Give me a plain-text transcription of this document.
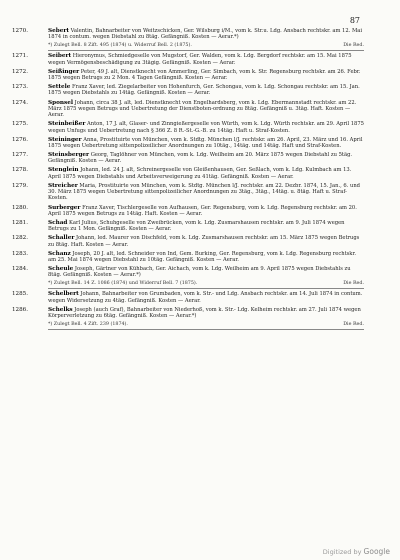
87
1270.	Sebert Valentin, Bahnarbeiter von Weitzschicken, Ger. Wilsburg i/M., vom k. Str.u. Ldg. Ansbach rechtskr. am 12. Mai 1874 in contum. wegen Diebstahl zu 8täg. Gefängniß. Kosten — Aerar.*)
*) Zulegt Bell. 8 Zift. 495 (1874) u. Widerruf Bell. 2 (1875).	Die Red.
1271.	Seibert Hieronymus, Schmiedgeselle von Mugstorf, Ger. Walden, vom k. Ldg. Bergdorf rechtskr. am 15. Mai 1875 wegen Vermögensbeschädigung zu 3tägig. Gefängniß. Kosten — Aerar.
1272.	Seißinger Peter, 49 J. alt, Dienstknecht von Ammerling, Ger. Simbach, vom k. Str. Regensburg rechtskr. am 26. Febr. 1875 wegen Betrugs zu 2 Mon. 4 Tagen Gefängniß. Kosten — Aerar.
1273.	Settele Franz Xaver, led. Ziegelarbeiter von Hohenfurch, Ger. Schongau, vom k. Ldg. Schongau rechtskr. am 15. Jan. 1875 wegen Diebstahls zu 14täg. Gefängniß. Kosten — Aerar.
1274.	Sponsel Johann, circa 38 J. alt, led. Dienstknecht von Engelhardsberg, vom k. Ldg. Ebermannstadt rechtskr. am 22. März 1875 wegen Betrugs und Uebertretung der Dienstboten-ordnung zu 8täg. Gefängniß u. 3täg. Haft. Kosten — Aerar.
1275.	Steinbeißer Anton, 17 J. alt, Glaser- und Zinngießergeselle von Würth, vom k. Ldg. Würth rechtskr. am 29. April 1875 wegen Unfugs und Uebertretung nach § 366 Z. 8 R.-St.-G.-B. zu 14täg. Haft u. Straf-Kosten.
1276.	Steininger Anna, Prostituirte von München, vom k. Stdtg. München l/J. rechtskr. am 26. April, 23. März und 16. April 1875 wegen Uebertretung sittenpolizeilicher Anordnungen zu 10täg., 14täg. und 14täg. Haft und Straf-Kosten.
1277.	Steinsberger Georg, Taglöhner von München, vom k. Ldg. Weilheim am 20. März 1875 wegen Diebstahl zu 5täg. Gefängniß. Kosten — Aerar.
1278.	Stenglein Johann, led. 24 J. alt, Schreinergeselle von Gleißenhausen, Ger. Seßlach, vom k. Ldg. Kulmbach am 13. April 1875 wegen Diebstahls und Arbeitsverweigerung zu 41täg. Gefängniß. Kosten — Aerar.
1279.	Streicher Maria, Prostituirte von München, vom k. Stdtg. München l/J. rechtskr. am 22. Dezbr. 1874, 15. Jan., 6. und 30. März 1875 wegen Uebertretung sittenpolizeilicher Anordnungen zu 3täg., 3täg., 14täg. u. 8täg. Haft u. Straf-Kosten.
1280.	Surberger Franz Xaver, Tischlergeselle von Aufhausen, Ger. Regensburg, vom k. Ldg. Regensburg rechtskr. am 20. April 1875 wegen Betrugs zu 14täg. Haft. Kosten — Aerar.
1281.	Schad Karl Julius, Schuhgeselle von Zweibrücken, vom k. Ldg. Zusmarshausen rechtskr. am 9. Juli 1874 wegen Betrugs zu 1 Mon. Gefängniß. Kosten — Aerar.
1282.	Schaller Johann, led. Maurer von Dischfeld, vom k. Ldg. Zusmarshausen rechtskr. am 15. März 1875 wegen Betrugs zu 8täg. Haft. Kosten — Aerar.
1283.	Schanz Joseph, 20 J. alt, led. Schneider von Ind, Gem. Burking, Ger. Regensburg, vom k. Ldg. Regensburg rechtskr. am 25. Mai 1874 wegen Diebstahl zu 10täg. Gefängniß. Kosten — Aerar.
1284.	Scheule Joseph, Gärtner von Kühbach, Ger. Aichach, vom k. Ldg. Weilheim am 9. April 1875 wegen Diebstahls zu 8täg. Gefängniß. Kosten — Aerar.*)
*) Zulegt Bell. 14 Z. 1086 (1874) und Widerruf Bell. 7 (1875).	Die Red.
1285.	Schelbert Johann, Bahnarbeiter von Grumbaden, vom k. Str.- und Ldg. Ansbach rechtskr. am 14. Juli 1874 in contum. wegen Widersetzung zu 4täg. Gefängniß. Kosten — Aerar.
1286.	Schelks Joseph (auch Graf), Bahnarbeiter von Niederhoß, vom k. Str.- Ldg. Kelheim rechtskr. am 27. Juli 1874 wegen Körperverletzung zu 6täg. Gefängniß. Kosten — Aerar.*)
*) Zulegt Bell. 4 Zift. 239 (1874).	Die Red.
Digitized by Google
